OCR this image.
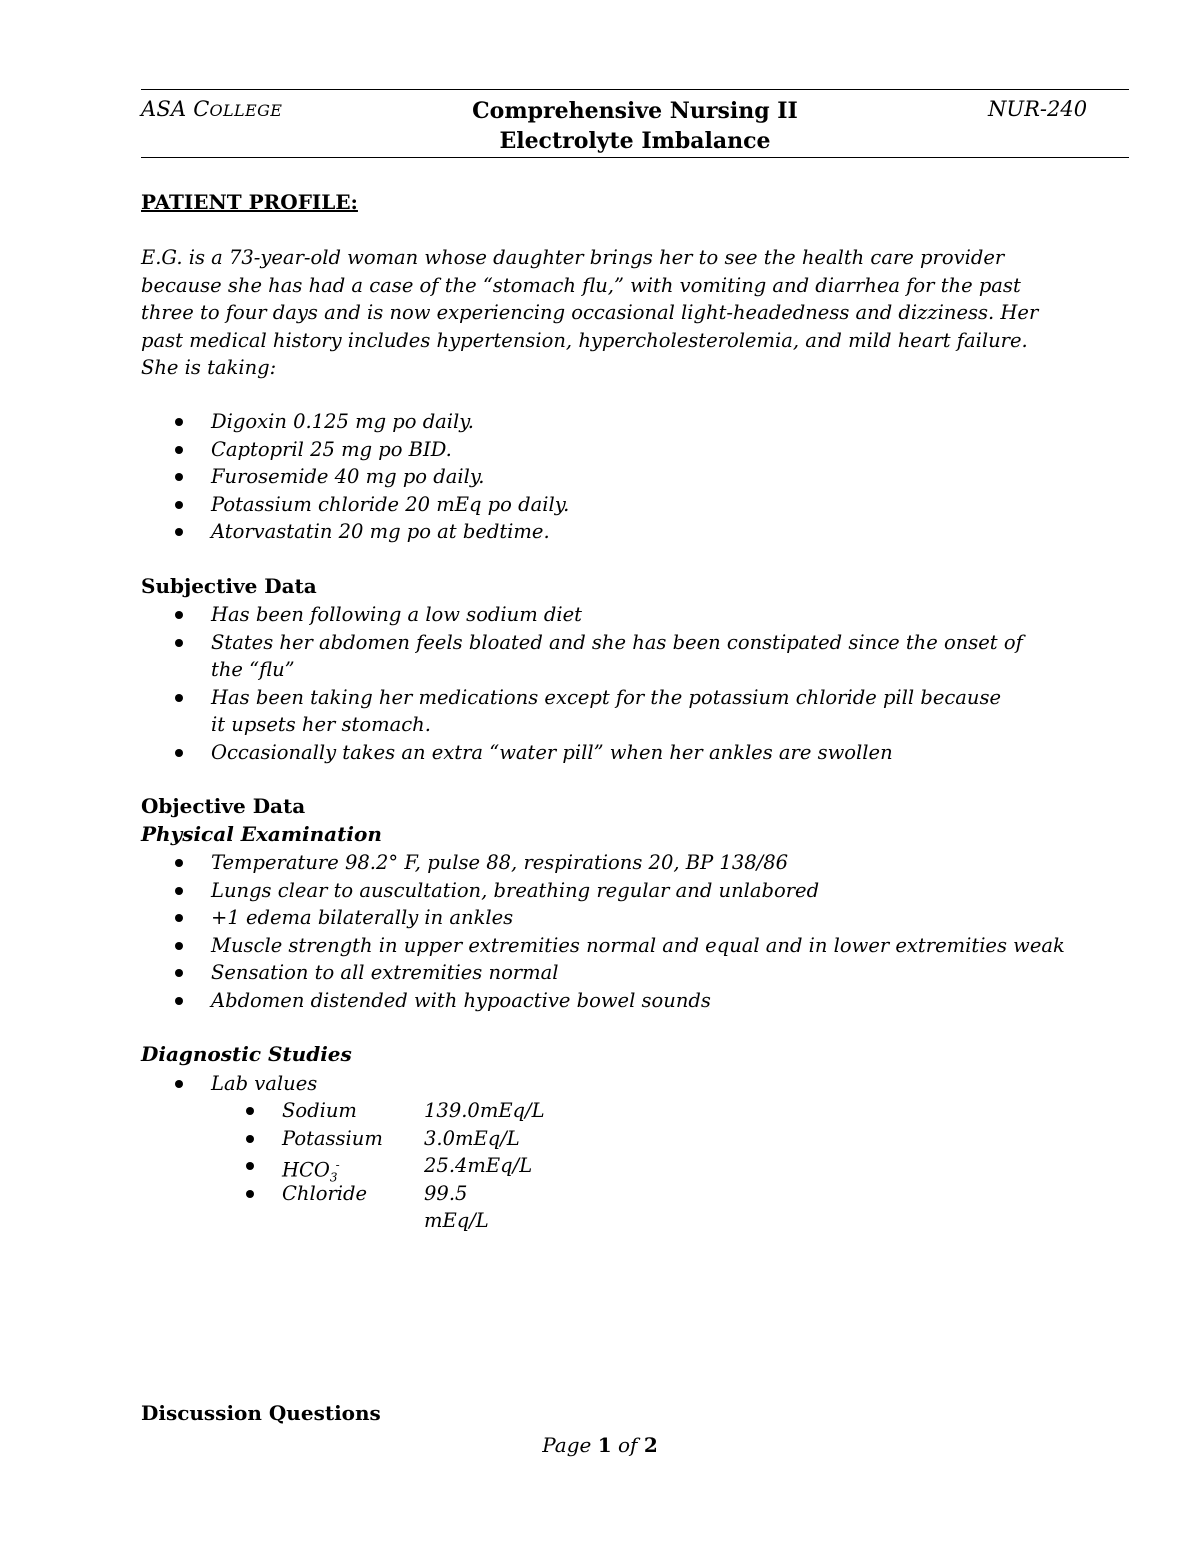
ASA COLLEGE	Comprehensive Nursing II
Electrolyte Imbalance
NUR-240
PATIENT PROFILE:
E.G. is a 73-year-old woman whose daughter brings her to see the health care provider because she has had a case of the “stomach flu,” with vomiting and diarrhea for the past three to four days and is now experiencing occasional light-headedness and dizziness. Her past medical history includes hypertension, hypercholesterolemia, and mild heart failure. She is taking:
Digoxin 0.125 mg po daily.
Captopril 25 mg po BID.
Furosemide 40 mg po daily.
Potassium chloride 20 mEq po daily.
Atorvastatin 20 mg po at bedtime.
Subjective Data
Has been following a low sodium diet
States her abdomen feels bloated and she has been constipated since the onset of the “flu”
Has been taking her medications except for the potassium chloride pill because it upsets her stomach.
Occasionally takes an extra “water pill” when her ankles are swollen
Objective Data
Physical Examination
Temperature 98.2° F, pulse 88, respirations 20, BP 138/86
Lungs clear to auscultation, breathing regular and unlabored
+1 edema bilaterally in ankles
Muscle strength in upper extremities normal and equal and in lower extremities weak
Sensation to all extremities normal
Abdomen distended with hypoactive bowel sounds
Diagnostic Studies
Lab values
Sodium	139.0mEq/L
Potassium 3.0mEq/L
$HCO_3^-$	25.4mEq/L
Chloride	99.5 mEq/L
Discussion Questions
Page 1 of 2
